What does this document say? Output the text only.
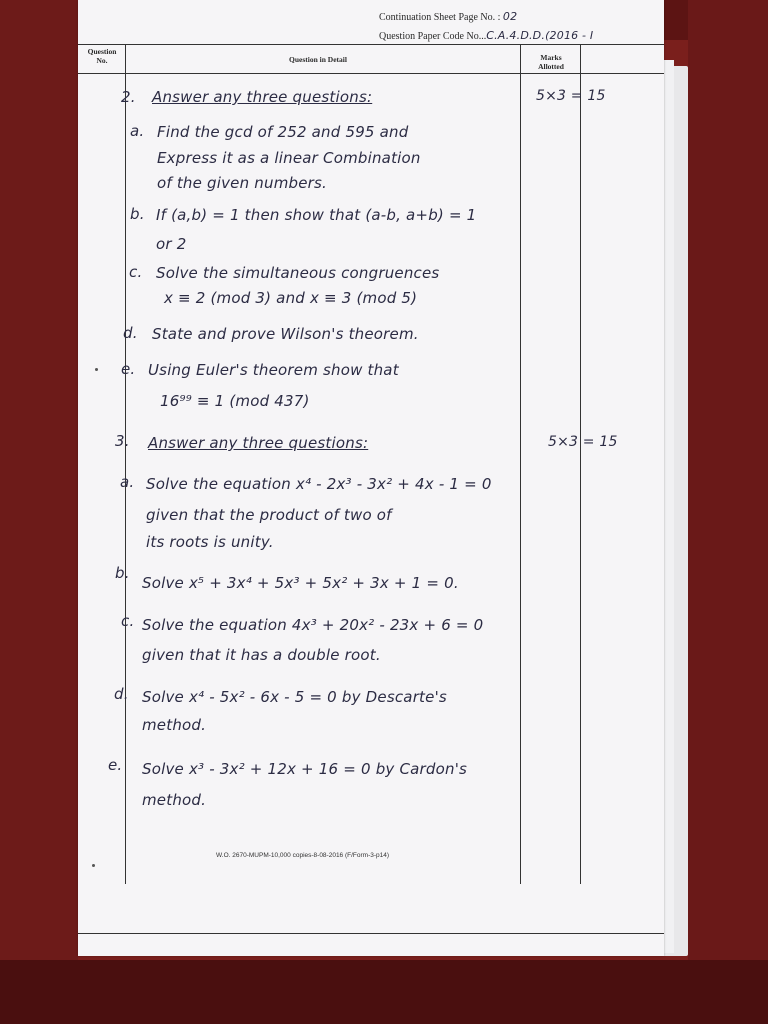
Continuation Sheet Page No. : 02
Question Paper Code No...C.A.4.D.D.(2016 - I
Question No.	Question in Detail	Marks Allotted
2. Answer any three questions:	5×3 = 15
a. Find the gcd of 252 and 595 and
Express it as a linear Combination
of the given numbers.
b. If (a,b) = 1 then show that (a-b, a+b) = 1
or 2
c. Solve the simultaneous congruences
x ≡ 2 (mod 3) and x ≡ 3 (mod 5)
d. State and prove Wilson's theorem.
e. Using Euler's theorem show that
16⁹⁹ ≡ 1 (mod 437)
3. Answer any three questions:	5×3 = 15
a. Solve the equation x⁴ - 2x³ - 3x² + 4x - 1 = 0
given that the product of two of
its roots is unity.
b.
Solve x⁵ + 3x⁴ + 5x³ + 5x² + 3x + 1 = 0.
c. Solve the equation 4x³ + 20x² - 23x + 6 = 0
given that it has a double root.
d. Solve x⁴ - 5x² - 6x - 5 = 0 by Descarte's
method.
e. Solve x³ - 3x² + 12x + 16 = 0 by Cardon's
method.
W.O. 2670-MUPM-10,000 copies-8-08-2016 (F/Form-3-p14)
